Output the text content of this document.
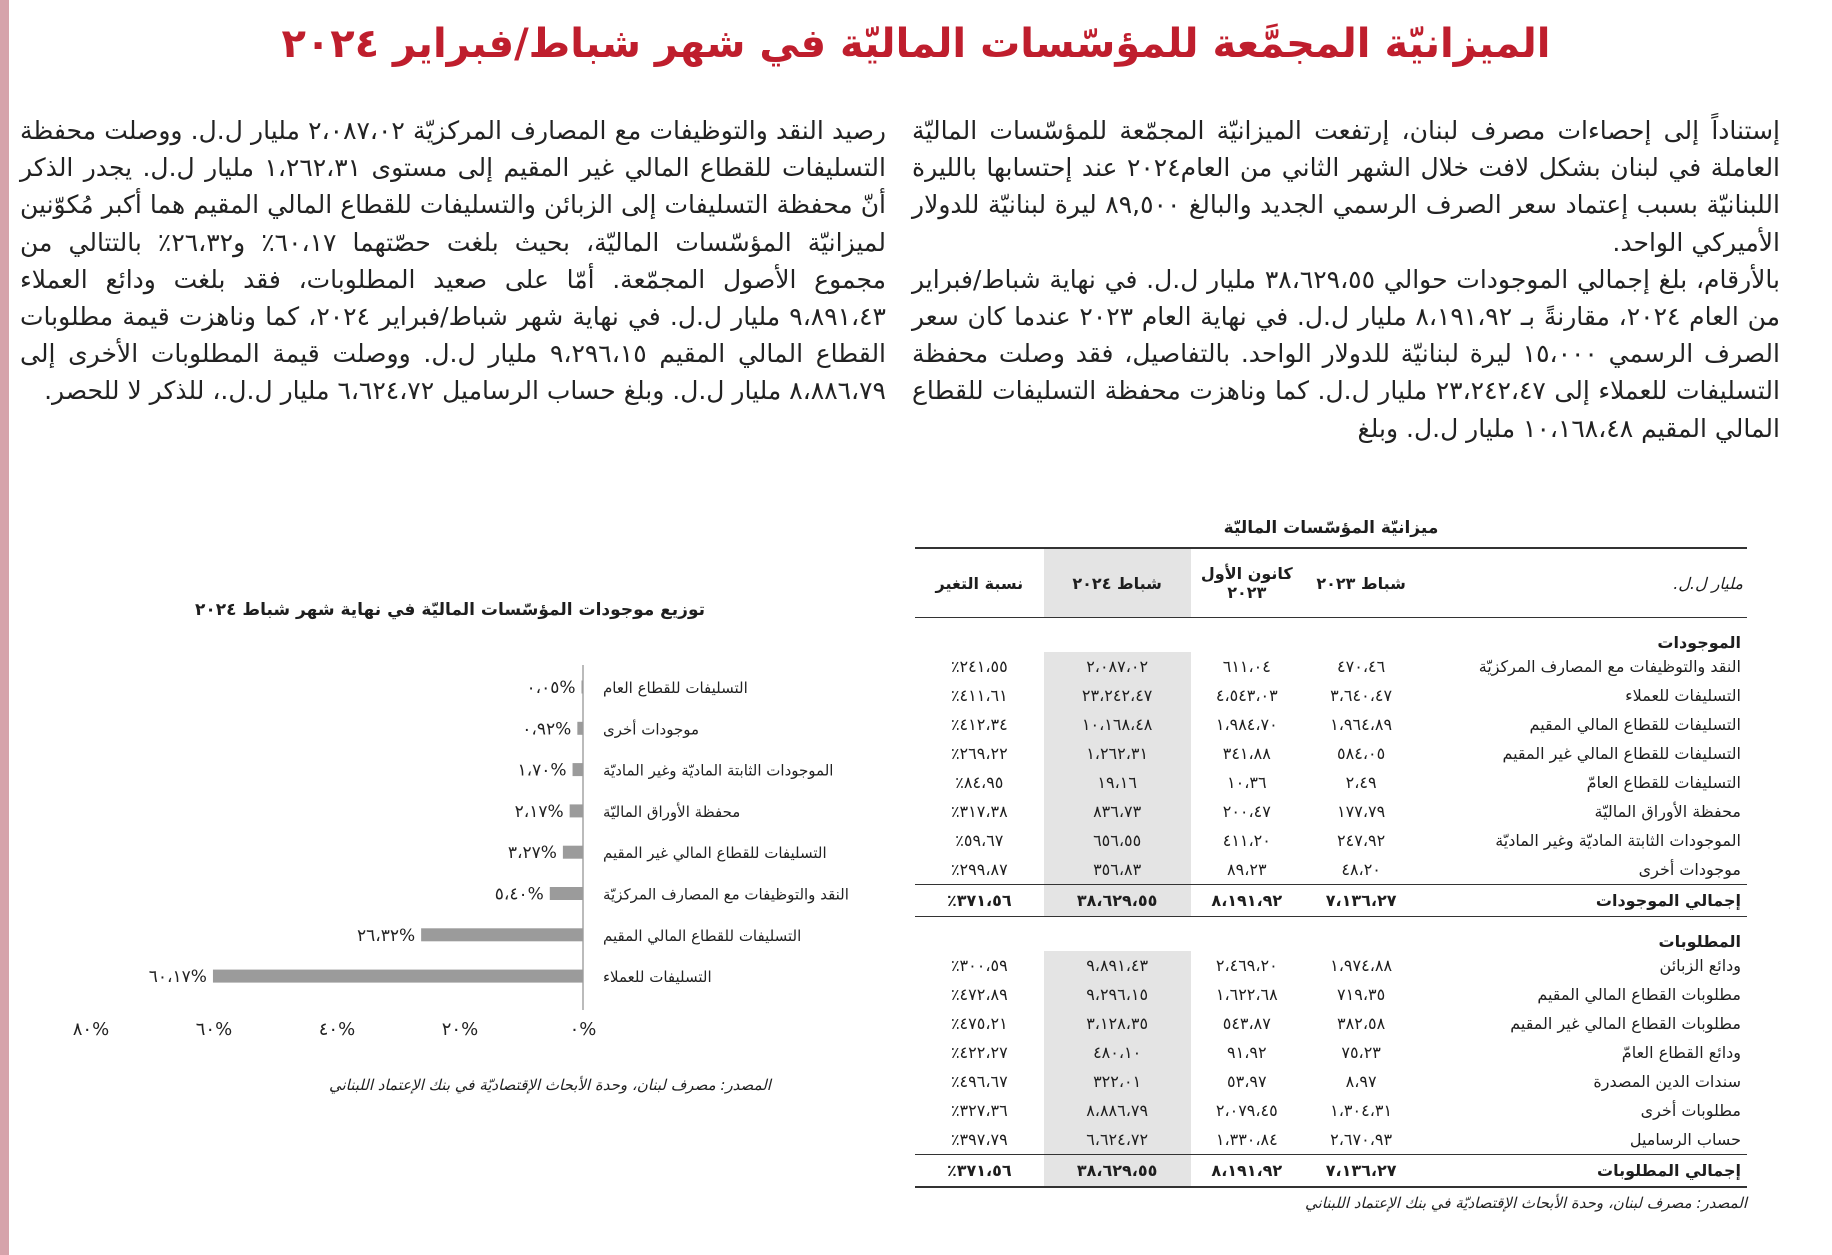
الميزانيّة المجمَّعة للمؤسّسات الماليّة في شهر شباط/فبراير ٢٠٢٤

إستناداً إلى إحصاءات مصرف لبنان، إرتفعت الميزانيّة المجمّعة للمؤسّسات الماليّة العاملة في لبنان بشكل لافت خلال الشهر الثاني من العام٢٠٢٤ عند إحتسابها بالليرة اللبنانيّة بسبب إعتماد سعر الصرف الرسمي الجديد والبالغ ٨٩,٥٠٠ ليرة لبنانيّة للدولار الأميركي الواحد.

بالأرقام، بلغ إجمالي الموجودات حوالي ٣٨،٦٢٩،٥٥ مليار ل.ل. في نهاية شباط/فبراير من العام ٢٠٢٤، مقارنةً بـ ٨،١٩١،٩٢ مليار ل.ل. في نهاية العام ٢٠٢٣ عندما كان سعر الصرف الرسمي ١٥،٠٠٠ ليرة لبنانيّة للدولار الواحد. بالتفاصيل، فقد وصلت محفظة التسليفات للعملاء إلى ٢٣،٢٤٢،٤٧ مليار ل.ل. كما وناهزت محفظة التسليفات للقطاع المالي المقيم ١٠،١٦٨،٤٨ مليار ل.ل. وبلغ

رصيد النقد والتوظيفات مع المصارف المركزيّة ٢،٠٨٧،٠٢ مليار ل.ل. ووصلت محفظة التسليفات للقطاع المالي غير المقيم إلى مستوى ١،٢٦٢،٣١ مليار ل.ل. يجدر الذكر أنّ محفظة التسليفات إلى الزبائن والتسليفات للقطاع المالي المقيم هما أكبر مُكوّنين لميزانيّة المؤسّسات الماليّة، بحيث بلغت حصّتهما ٦٠،١٧٪ و٢٦،٣٢٪ بالتتالي من مجموع الأصول المجمّعة. أمّا على صعيد المطلوبات، فقد بلغت ودائع العملاء ٩،٨٩١،٤٣ مليار ل.ل. في نهاية شهر شباط/فبراير ٢٠٢٤، كما وناهزت قيمة مطلوبات القطاع المالي المقيم ٩،٢٩٦،١٥ مليار ل.ل. ووصلت قيمة المطلوبات الأخرى إلى ٨،٨٨٦،٧٩ مليار ل.ل. وبلغ حساب الرساميل ٦،٦٢٤،٧٢ مليار ل.ل.، للذكر لا للحصر.

ميزانيّة المؤسّسات الماليّة
مليار ل.ل.	شباط ٢٠٢٣	كانون الأول ٢٠٢٣	شباط ٢٠٢٤	نسبة التغير
الموجودات				
النقد والتوظيفات مع المصارف المركزيّة	٤٧٠،٤٦	٦١١،٠٤	٢،٠٨٧،٠٢	٢٤١،٥٥٪
التسليفات للعملاء	٣،٦٤٠،٤٧	٤،٥٤٣،٠٣	٢٣،٢٤٢،٤٧	٤١١،٦١٪
التسليفات للقطاع المالي المقيم	١،٩٦٤،٨٩	١،٩٨٤،٧٠	١٠،١٦٨،٤٨	٤١٢،٣٤٪
التسليفات للقطاع المالي غير المقيم	٥٨٤،٠٥	٣٤١،٨٨	١،٢٦٢،٣١	٢٦٩،٢٢٪
التسليفات للقطاع العامّ	٢،٤٩	١٠،٣٦	١٩،١٦	٨٤،٩٥٪
محفظة الأوراق الماليّة	١٧٧،٧٩	٢٠٠،٤٧	٨٣٦،٧٣	٣١٧،٣٨٪
الموجودات الثابتة الماديّة وغير الماديّة	٢٤٧،٩٢	٤١١،٢٠	٦٥٦،٥٥	٥٩،٦٧٪
موجودات أخرى	٤٨،٢٠	٨٩،٢٣	٣٥٦،٨٣	٢٩٩،٨٧٪
إجمالي الموجودات	٧،١٣٦،٢٧	٨،١٩١،٩٢	٣٨،٦٢٩،٥٥	٣٧١،٥٦٪
المطلوبات				
ودائع الزبائن	١،٩٧٤،٨٨	٢،٤٦٩،٢٠	٩،٨٩١،٤٣	٣٠٠،٥٩٪
مطلوبات القطاع المالي المقيم	٧١٩،٣٥	١،٦٢٢،٦٨	٩،٢٩٦،١٥	٤٧٢،٨٩٪
مطلوبات القطاع المالي غير المقيم	٣٨٢،٥٨	٥٤٣،٨٧	٣،١٢٨،٣٥	٤٧٥،٢١٪
ودائع القطاع العامّ	٧٥،٢٣	٩١،٩٢	٤٨٠،١٠	٤٢٢،٢٧٪
سندات الدين المصدرة	٨،٩٧	٥٣،٩٧	٣٢٢،٠١	٤٩٦،٦٧٪
مطلوبات أخرى	١،٣٠٤،٣١	٢،٠٧٩،٤٥	٨،٨٨٦،٧٩	٣٢٧،٣٦٪
حساب الرساميل	٢،٦٧٠،٩٣	١،٣٣٠،٨٤	٦،٦٢٤،٧٢	٣٩٧،٧٩٪
إجمالي المطلوبات	٧،١٣٦،٢٧	٨،١٩١،٩٢	٣٨،٦٢٩،٥٥	٣٧١،٥٦٪
المصدر: مصرف لبنان، وحدة الأبحاث الإقتصاديّة في بنك الإعتماد اللبناني
توزيع موجودات المؤسّسات الماليّة في نهاية شهر شباط ٢٠٢٤
٠،٠٥% التسليفات للقطاع العام
٠،٩٢% موجودات أخرى
١،٧٠% الموجودات الثابتة الماديّة وغير الماديّة
٢،١٧%	محفظة الأوراق الماليّة
٣،٢٧%	التسليفات للقطاع المالي غير المقيم
٥،٤٠%	النقد والتوظيفات مع المصارف المركزيّة
٢٦،٣٢%	التسليفات للقطاع المالي المقيم
٦٠،١٧%	التسليفات للعملاء
٠%
٢٠%
٤٠%
٦٠%
٨٠%
المصدر: مصرف لبنان، وحدة الأبحاث الإقتصاديّة في بنك الإعتماد اللبناني
